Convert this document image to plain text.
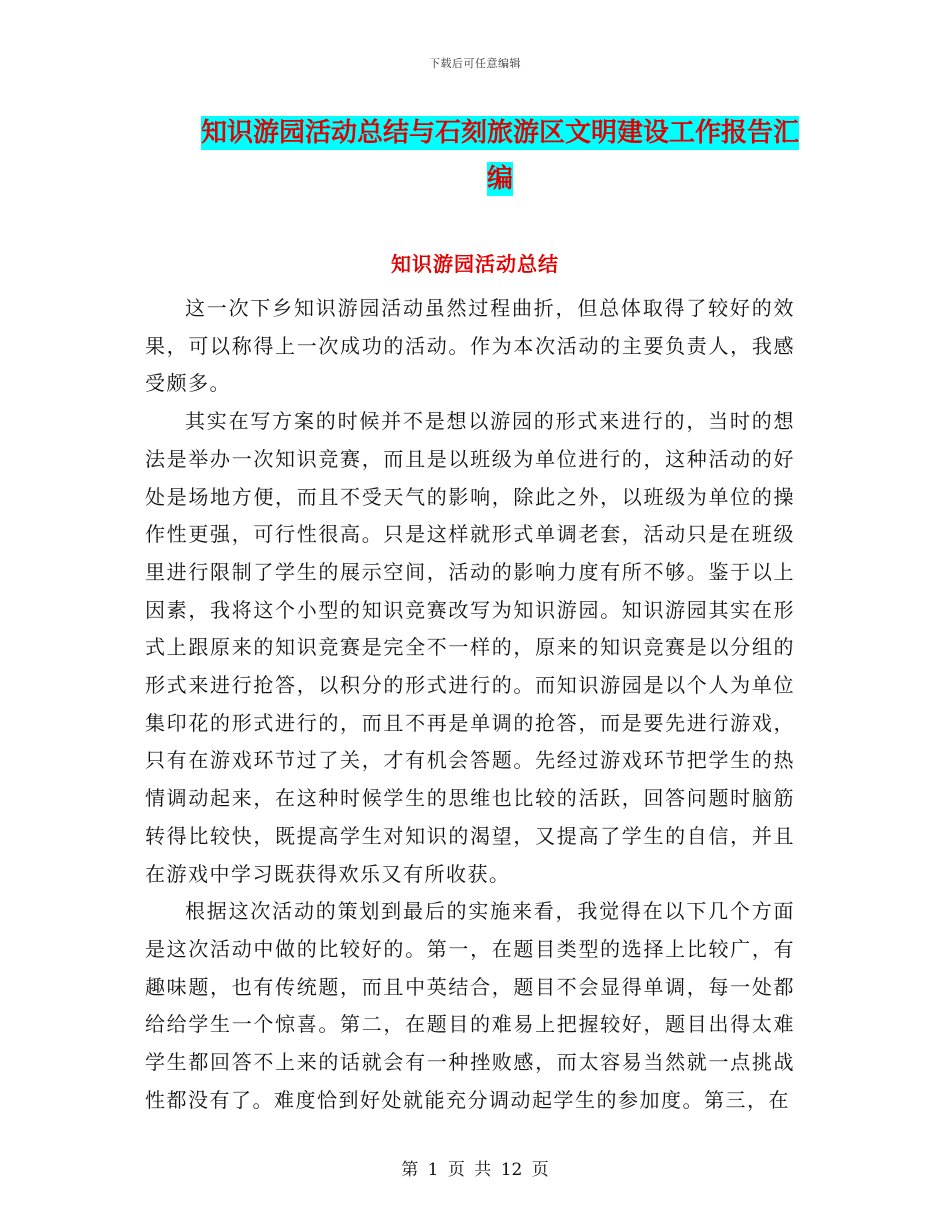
下载后可任意编辑
知识游园活动总结与石刻旅游区文明建设工作报告汇编
知识游园活动总结

这一次下乡知识游园活动虽然过程曲折，但总体取得了较好的效果，可以称得上一次成功的活动。作为本次活动的主要负责人，我感受颇多。

其实在写方案的时候并不是想以游园的形式来进行的，当时的想法是举办一次知识竞赛，而且是以班级为单位进行的，这种活动的好处是场地方便，而且不受天气的影响，除此之外，以班级为单位的操作性更强，可行性很高。只是这样就形式单调老套，活动只是在班级里进行限制了学生的展示空间，活动的影响力度有所不够。鉴于以上因素，我将这个小型的知识竞赛改写为知识游园。知识游园其实在形式上跟原来的知识竞赛是完全不一样的，原来的知识竞赛是以分组的形式来进行抢答，以积分的形式进行的。而知识游园是以个人为单位集印花的形式进行的，而且不再是单调的抢答，而是要先进行游戏，只有在游戏环节过了关，才有机会答题。先经过游戏环节把学生的热情调动起来，在这种时候学生的思维也比较的活跃，回答问题时脑筋转得比较快，既提高学生对知识的渴望，又提高了学生的自信，并且在游戏中学习既获得欢乐又有所收获。

根据这次活动的策划到最后的实施来看，我觉得在以下几个方面是这次活动中做的比较好的。第一，在题目类型的选择上比较广，有趣味题，也有传统题，而且中英结合，题目不会显得单调，每一处都给给学生一个惊喜。第二，在题目的难易上把握较好，题目出得太难学生都回答不上来的话就会有一种挫败感，而太容易当然就一点挑战性都没有了。难度恰到好处就能充分调动起学生的参加度。第三，在

第 1 页 共 12 页
